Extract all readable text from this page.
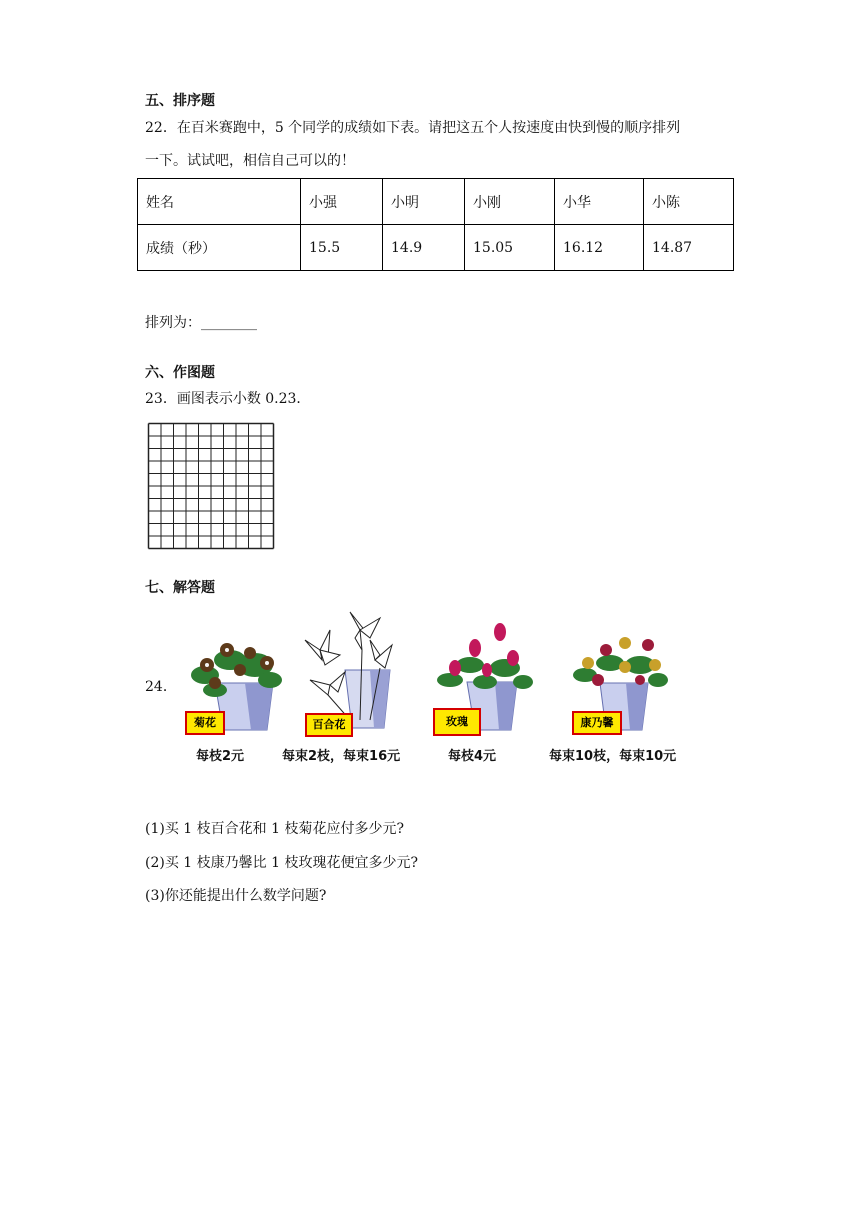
五、排序题
22．在百米赛跑中，5 个同学的成绩如下表。请把这五个人按速度由快到慢的顺序排列
一下。试试吧，相信自己可以的！
姓名	小强	小明	小刚	小华	小陈
成绩（秒）	15.5	14.9	15.05	16.12	14.87
排列为：________
六、作图题
23．画图表示小数 0.23．
七、解答题
24．
菊花
每枝2元
百合花
每束2枝，每束16元
玫瑰
每枝4元
康乃馨
每束10枝，每束10元
(1)买 1 枝百合花和 1 枝菊花应付多少元?
(2)买 1 枝康乃馨比 1 枝玫瑰花便宜多少元?
(3)你还能提出什么数学问题?
